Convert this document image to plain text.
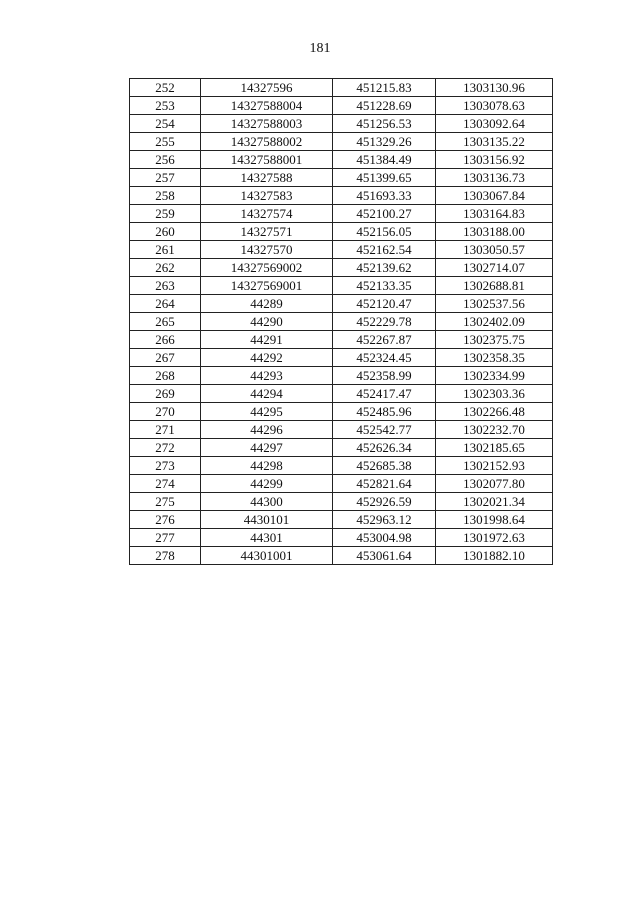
181
252	14327596	451215.83	1303130.96
253	14327588004	451228.69	1303078.63
254	14327588003	451256.53	1303092.64
255	14327588002	451329.26	1303135.22
256	14327588001	451384.49	1303156.92
257	14327588	451399.65	1303136.73
258	14327583	451693.33	1303067.84
259	14327574	452100.27	1303164.83
260	14327571	452156.05	1303188.00
261	14327570	452162.54	1303050.57
262	14327569002	452139.62	1302714.07
263	14327569001	452133.35	1302688.81
264	44289	452120.47	1302537.56
265	44290	452229.78	1302402.09
266	44291	452267.87	1302375.75
267	44292	452324.45	1302358.35
268	44293	452358.99	1302334.99
269	44294	452417.47	1302303.36
270	44295	452485.96	1302266.48
271	44296	452542.77	1302232.70
272	44297	452626.34	1302185.65
273	44298	452685.38	1302152.93
274	44299	452821.64	1302077.80
275	44300	452926.59	1302021.34
276	4430101	452963.12	1301998.64
277	44301	453004.98	1301972.63
278	44301001	453061.64	1301882.10
